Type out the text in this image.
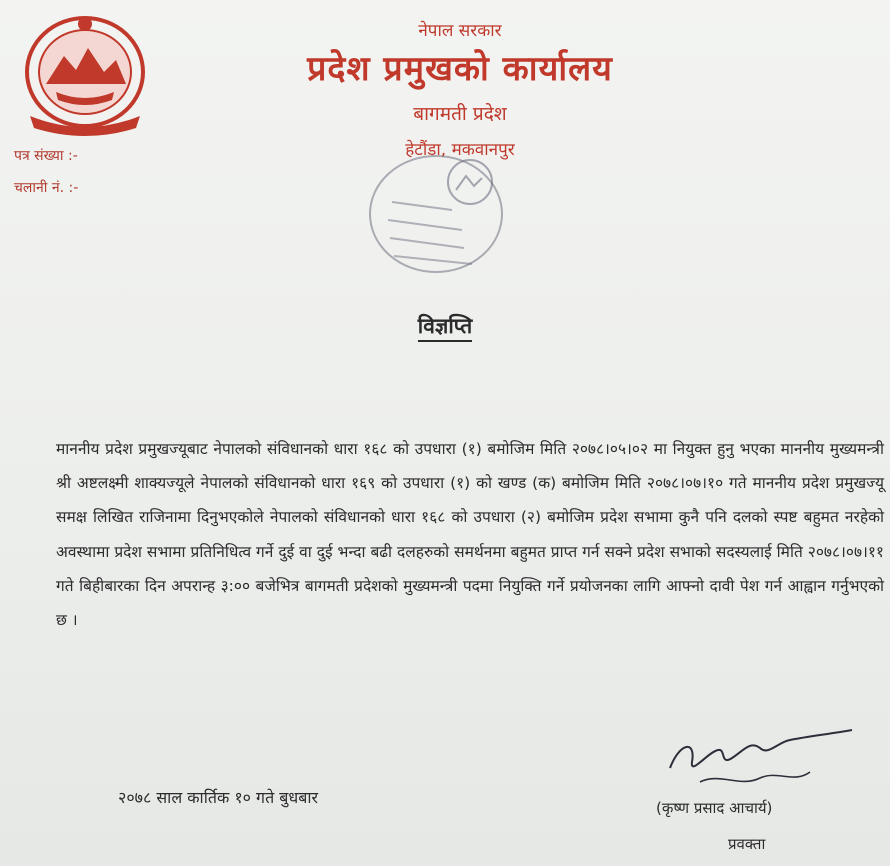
नेपाल सरकार
प्रदेश प्रमुखको कार्यालय
बागमती प्रदेश
हेटौंडा, मकवानपुर
पत्र संख्या :-
चलानी नं. :-
विज्ञप्ति
माननीय प्रदेश प्रमुखज्यूबाट नेपालको संविधानको धारा १६८ को उपधारा (१) बमोजिम मिति २०७८।०५।०२ मा नियुक्त हुनु भएका माननीय मुख्यमन्त्री श्री अष्टलक्ष्मी शाक्यज्यूले नेपालको संविधानको धारा १६९ को उपधारा (१) को खण्ड (क) बमोजिम मिति २०७८।०७।१० गते माननीय प्रदेश प्रमुखज्यू समक्ष लिखित राजिनामा दिनुभएकोले नेपालको संविधानको धारा १६८ को उपधारा (२) बमोजिम प्रदेश सभामा कुनै पनि दलको स्पष्ट बहुमत नरहेको अवस्थामा प्रदेश सभामा प्रतिनिधित्व गर्ने दुई वा दुई भन्दा बढी दलहरुको समर्थनमा बहुमत प्राप्त गर्न सक्ने प्रदेश सभाको सदस्यलाई मिति २०७८।०७।११ गते बिहीबारका दिन अपरान्ह ३:०० बजेभित्र बागमती प्रदेशको मुख्यमन्त्री पदमा नियुक्ति गर्ने प्रयोजनका लागि आफ्नो दावी पेश गर्न आह्वान गर्नुभएको छ ।
२०७८ साल कार्तिक १० गते बुधबार
(कृष्ण प्रसाद आचार्य)
प्रवक्ता
